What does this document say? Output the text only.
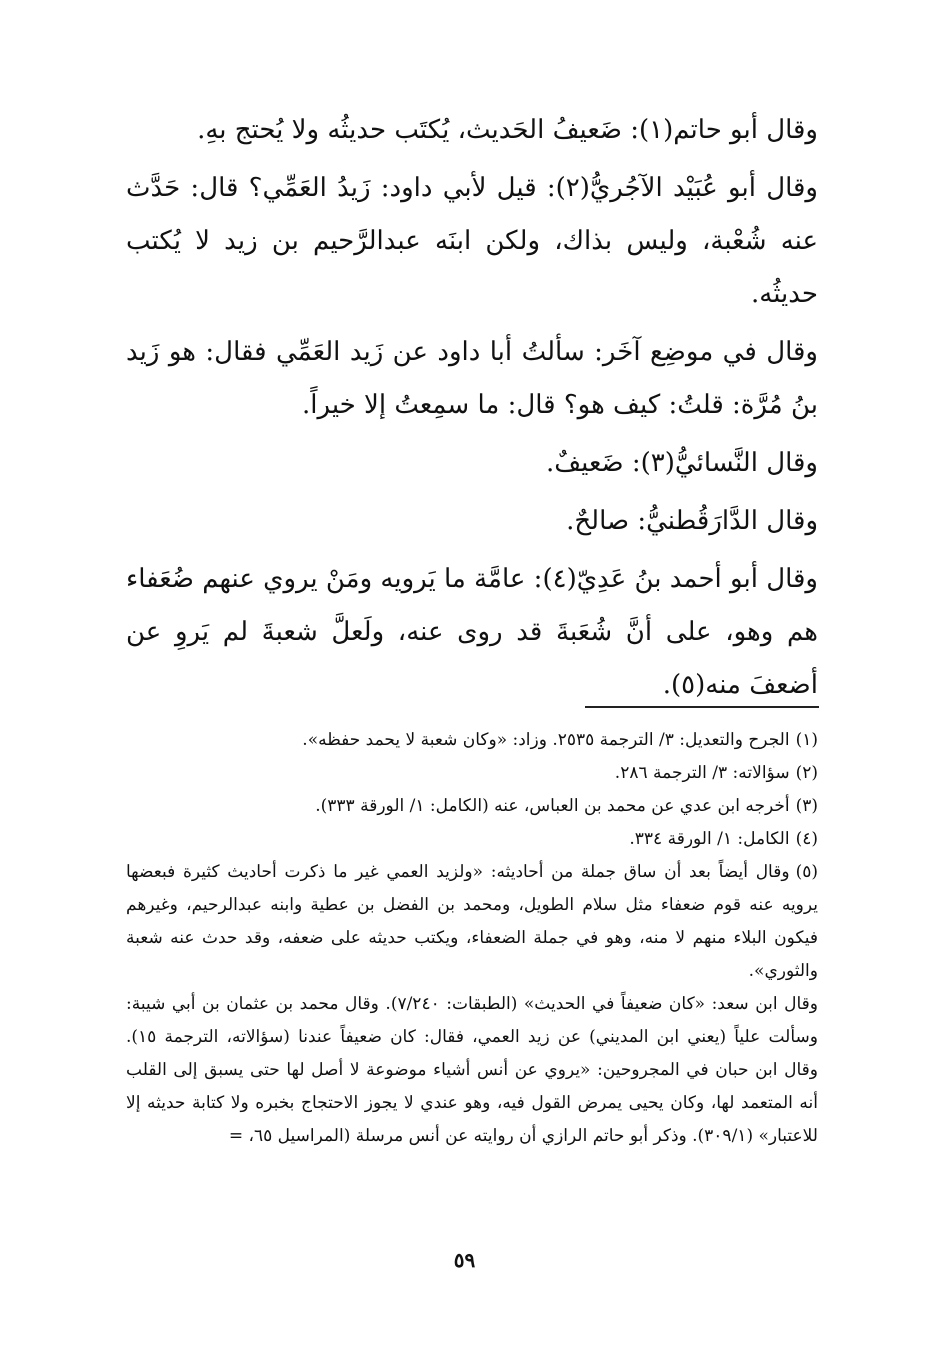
وقال أبو حاتم(١): ضَعيفُ الحَديث، يُكتَب حديثُه ولا يُحتج بهِ.

وقال أبو عُبَيْد الآجُريُّ(٢): قيل لأبي داود: زَيدُ العَمِّي؟ قال: حَدَّث عنه شُعْبة، وليس بذاك، ولكن ابنَه عبدالرَّحيم بن زيد لا يُكتب حديثُه.

وقال في موضِع آخَر: سألتُ أبا داود عن زَيد العَمِّي فقال: هو زَيد بنُ مُرَّة: قلتُ: كيف هو؟ قال: ما سمِعتُ إلا خيراً.

وقال النَّسائيُّ(٣): ضَعيفٌ.

وقال الدَّارَقُطنيُّ: صالحٌ.

وقال أبو أحمد بنُ عَدِيّ(٤): عامَّة ما يَرويه ومَنْ يروي عنهم ضُعَفاء هم وهو، على أنَّ شُعَبةَ قد روى عنه، ولَعلَّ شعبةَ لم يَروِ عن أضعفَ منه(٥).

(١)الجرح والتعديل: ٣/ الترجمة ٢٥٣٥. وزاد: «وكان شعبة لا يحمد حفظه».

(٢)سؤالاته: ٣/ الترجمة ٢٨٦.

(٣)أخرجه ابن عدي عن محمد بن العباس، عنه (الكامل: ١/ الورقة ٣٣٣).

(٤)الكامل: ١/ الورقة ٣٣٤.

(٥)وقال أيضاً بعد أن ساق جملة من أحاديثه: «ولزيد العمي غير ما ذكرت أحاديث كثيرة فبعضها يرويه عنه قوم ضعفاء مثل سلام الطويل، ومحمد بن الفضل بن عطية وابنه عبدالرحيم، وغيرهم فيكون البلاء منهم لا منه، وهو في جملة الضعفاء، ويكتب حديثه على ضعفه، وقد حدث عنه شعبة والثوري».

وقال ابن سعد: «كان ضعيفاً في الحديث» (الطبقات: ٧/٢٤٠). وقال محمد بن عثمان بن أبي شيبة: وسألت علياً (يعني ابن المديني) عن زيد العمي، فقال: كان ضعيفاً عندنا (سؤالاته، الترجمة ١٥). وقال ابن حبان في المجروحين: «يروي عن أنس أشياء موضوعة لا أصل لها حتى يسبق إلى القلب أنه المتعمد لها، وكان يحيى يمرض القول فيه، وهو عندي لا يجوز الاحتجاج بخبره ولا كتابة حديثه إلا للاعتبار» (٣٠٩/١). وذكر أبو حاتم الرازي أن روايته عن أنس مرسلة (المراسيل ٦٥، =

٥٩
